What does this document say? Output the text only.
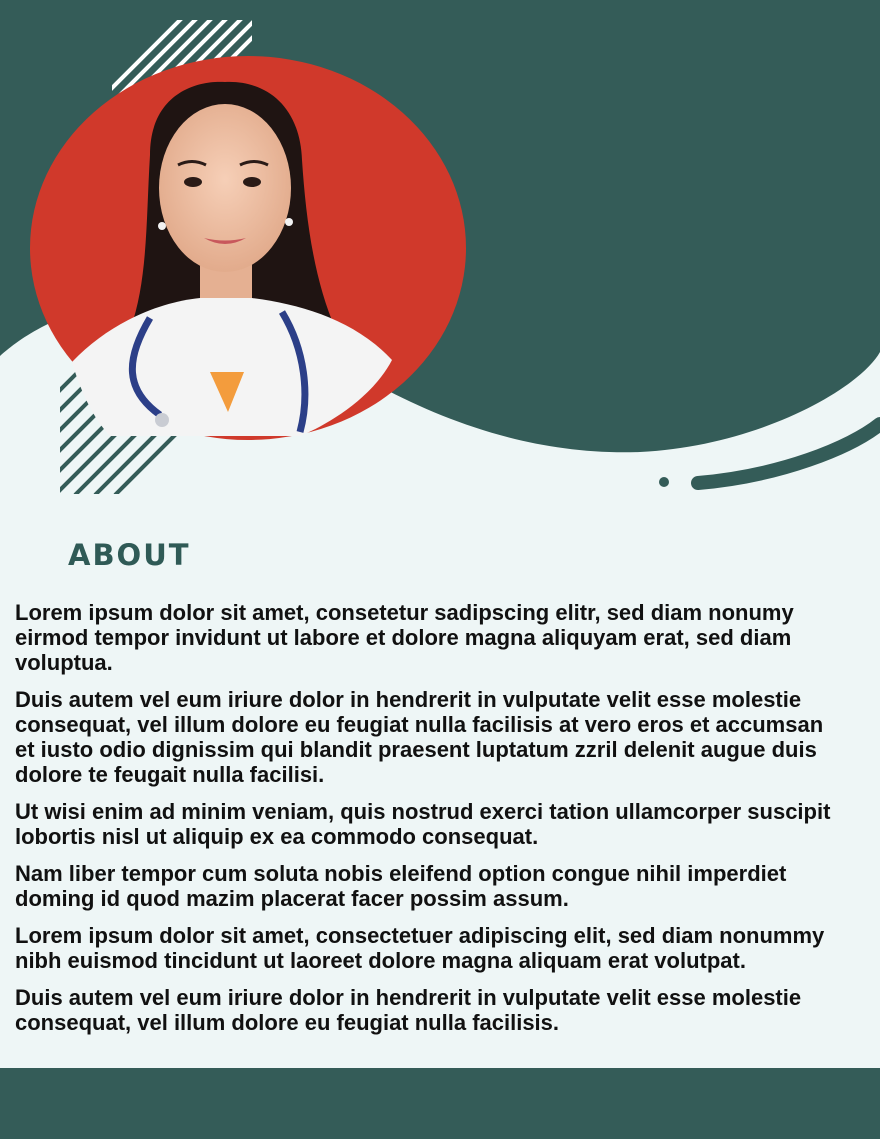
ABOUT

Lorem ipsum dolor sit amet, consetetur sadipscing elitr, sed diam nonumy eirmod tempor invidunt ut labore et dolore magna aliquyam erat, sed diam voluptua.

Duis autem vel eum iriure dolor in hendrerit in vulputate velit esse molestie consequat, vel illum dolore eu feugiat nulla facilisis at vero eros et accumsan et iusto odio dignissim qui blandit praesent luptatum zzril delenit augue duis dolore te feugait nulla facilisi.

Ut wisi enim ad minim veniam, quis nostrud exerci tation ullamcorper suscipit lobortis nisl ut aliquip ex ea commodo consequat.

Nam liber tempor cum soluta nobis eleifend option congue nihil imperdiet doming id quod mazim placerat facer possim assum.

Lorem ipsum dolor sit amet, consectetuer adipiscing elit, sed diam nonummy nibh euismod tincidunt ut laoreet dolore magna aliquam erat volutpat.

Duis autem vel eum iriure dolor in hendrerit in vulputate velit esse molestie consequat, vel illum dolore eu feugiat nulla facilisis.
